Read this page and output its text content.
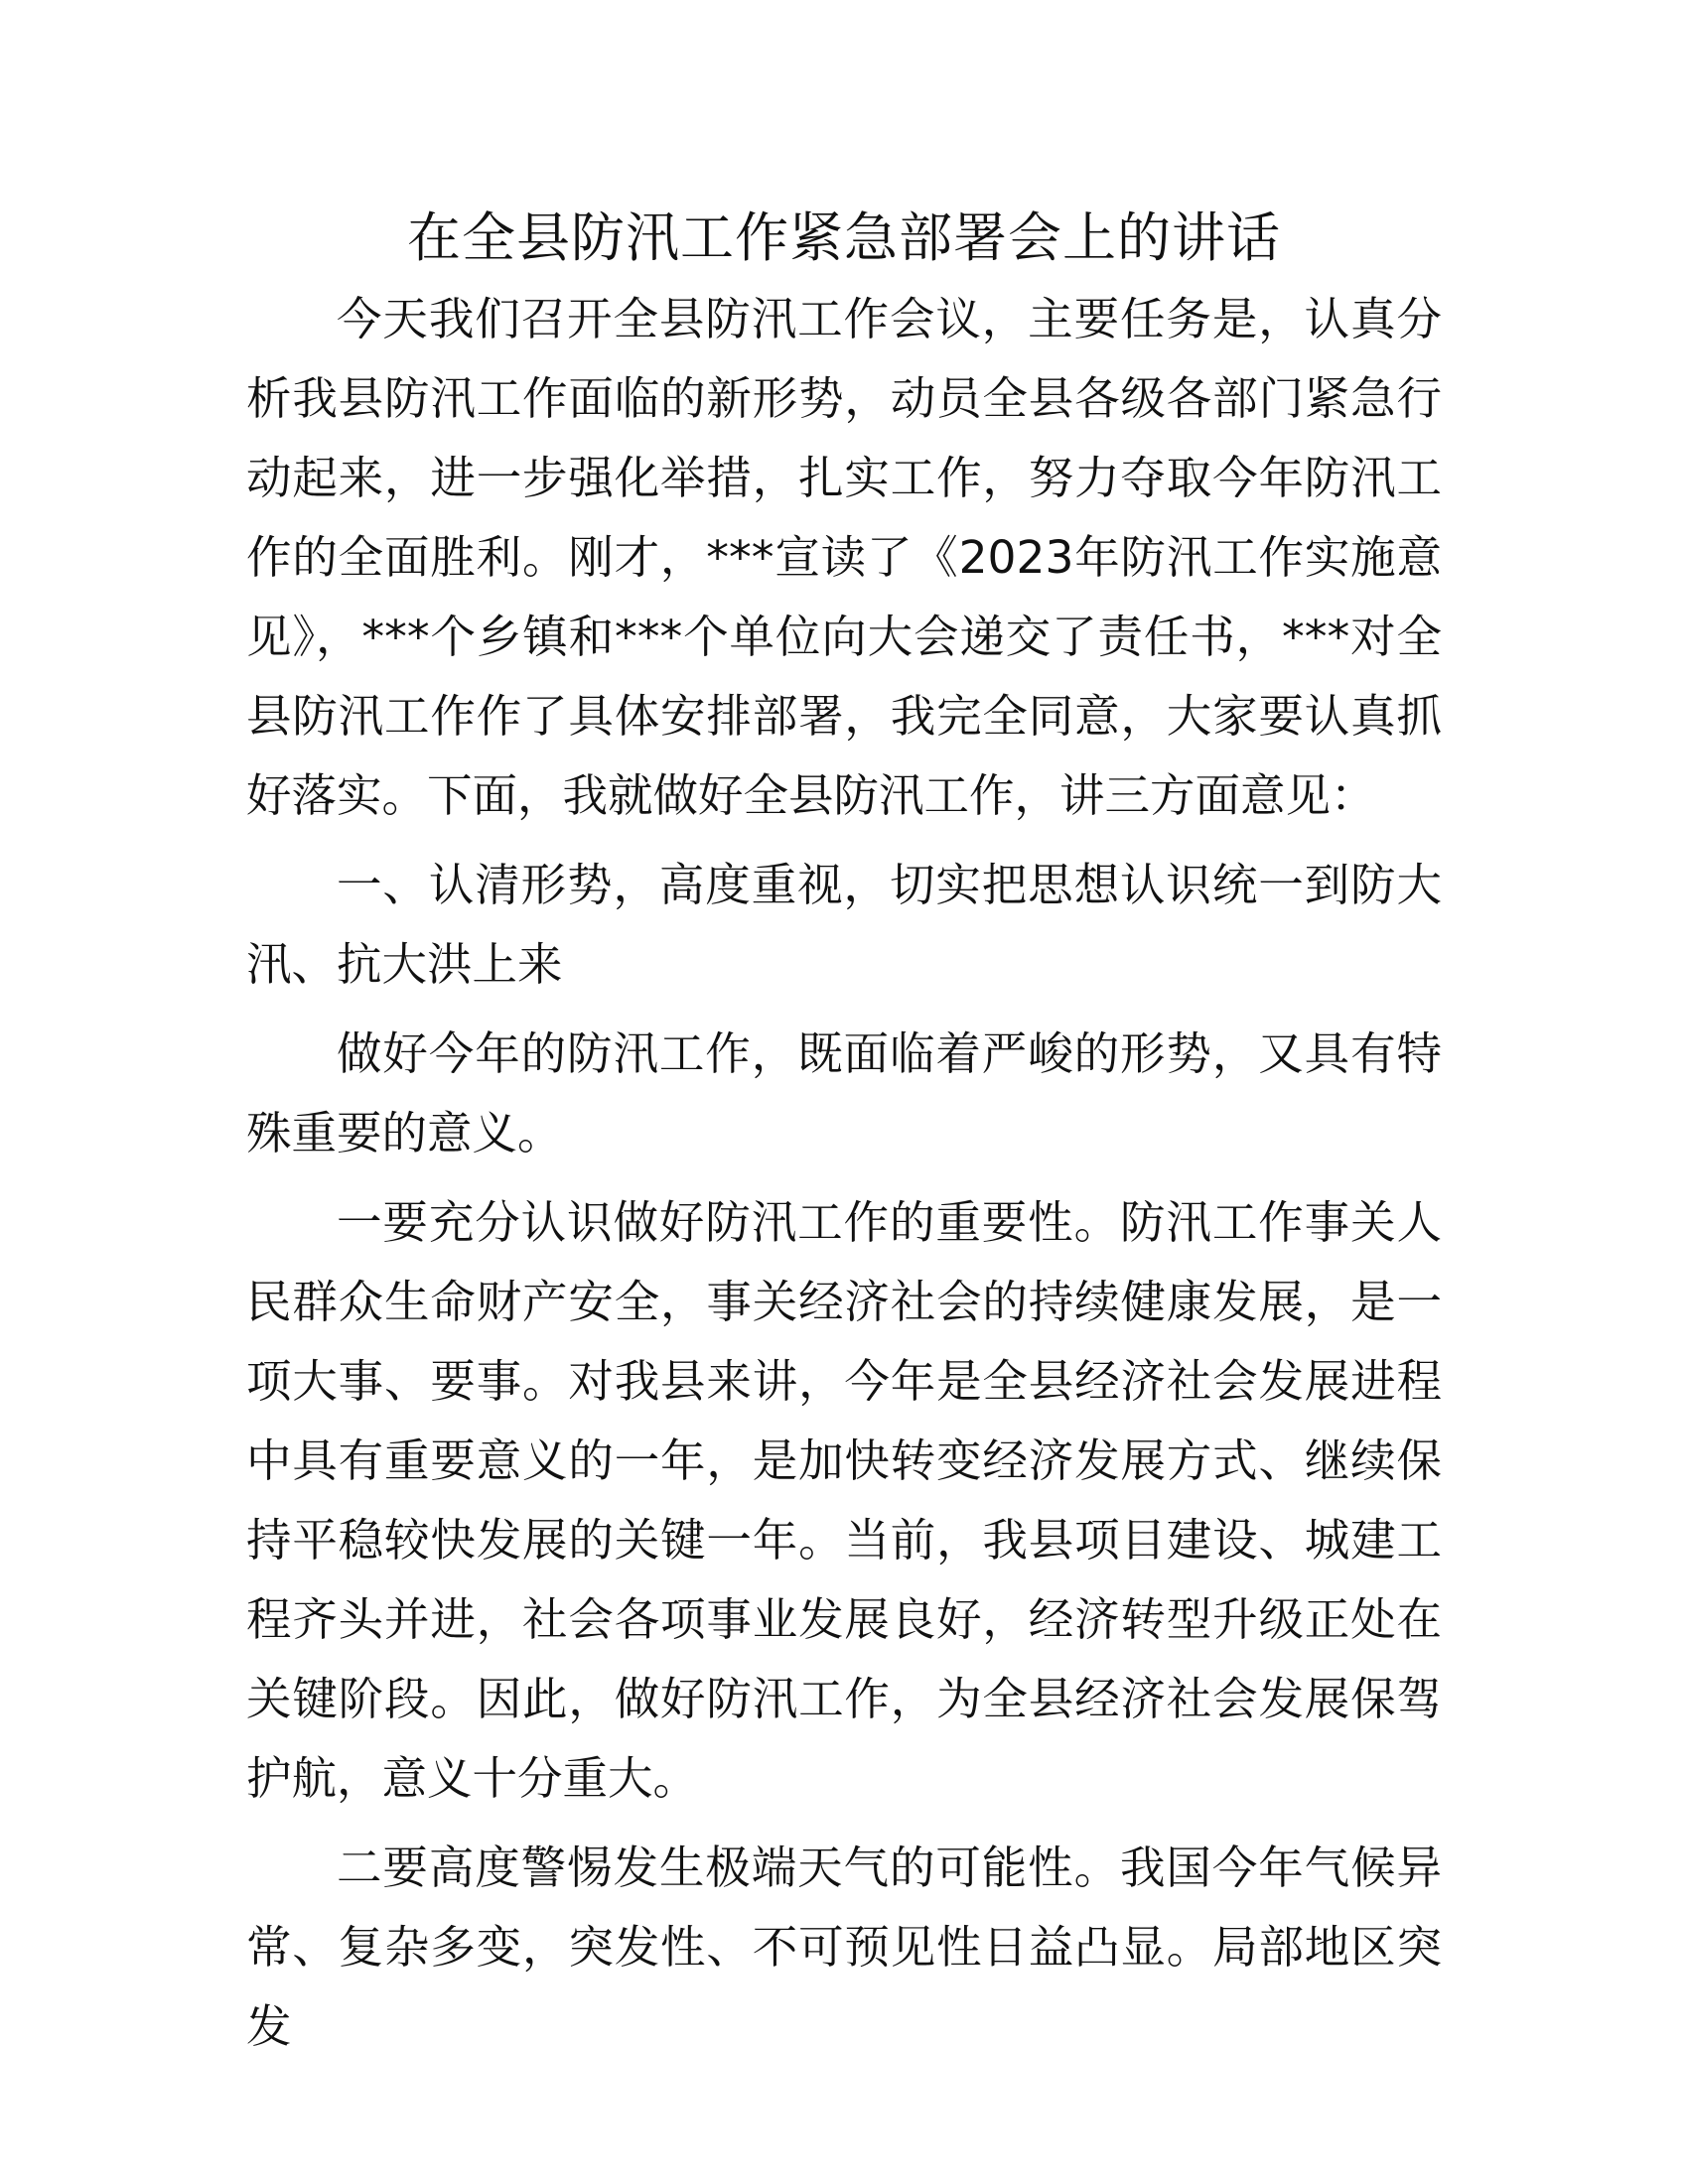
在全县防汛工作紧急部署会上的讲话

今天我们召开全县防汛工作会议，主要任务是，认真分析我县防汛工作面临的新形势，动员全县各级各部门紧急行动起来，进一步强化举措，扎实工作，努力夺取今年防汛工作的全面胜利。刚才，***宣读了《2023年防汛工作实施意见》，***个乡镇和***个单位向大会递交了责任书，***对全县防汛工作作了具体安排部署，我完全同意，大家要认真抓好落实。下面，我就做好全县防汛工作，讲三方面意见：

一、认清形势，高度重视，切实把思想认识统一到防大汛、抗大洪上来

做好今年的防汛工作，既面临着严峻的形势，又具有特殊重要的意义。

一要充分认识做好防汛工作的重要性。防汛工作事关人民群众生命财产安全，事关经济社会的持续健康发展，是一项大事、要事。对我县来讲，今年是全县经济社会发展进程中具有重要意义的一年，是加快转变经济发展方式、继续保持平稳较快发展的关键一年。当前，我县项目建设、城建工程齐头并进，社会各项事业发展良好，经济转型升级正处在关键阶段。因此，做好防汛工作，为全县经济社会发展保驾护航，意义十分重大。

二要高度警惕发生极端天气的可能性。我国今年气候异常、复杂多变，突发性、不可预见性日益凸显。局部地区突发
